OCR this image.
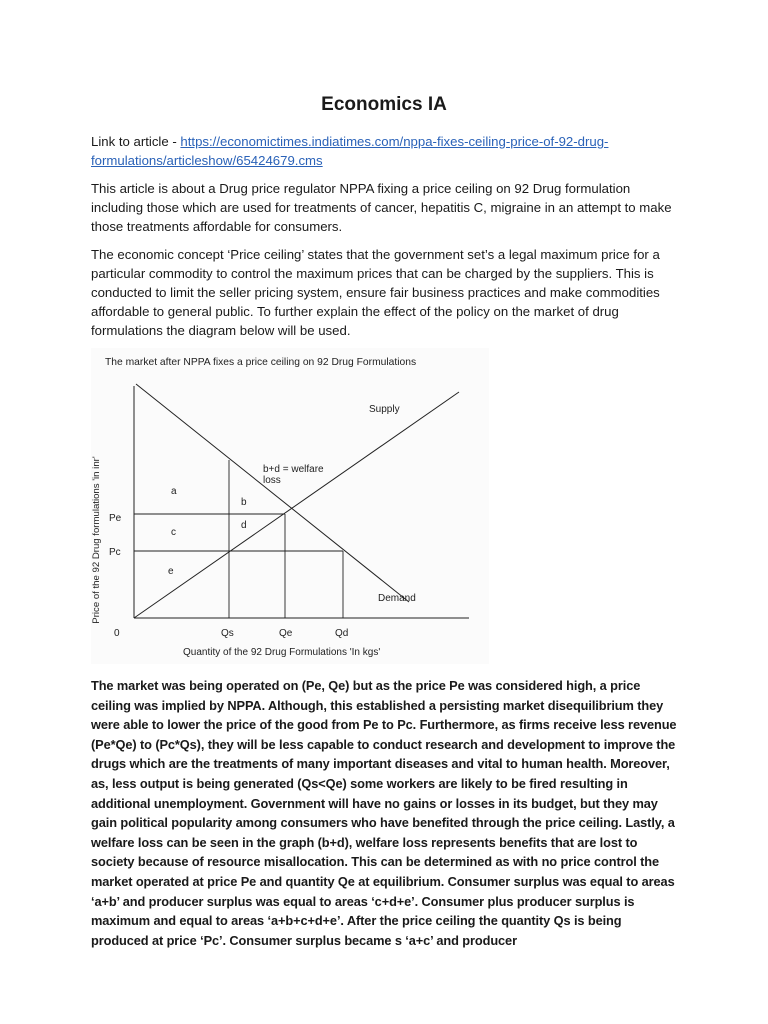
Economics IA

Link to article - https://economictimes.indiatimes.com/nppa-fixes-ceiling-price-of-92-drug-
formulations/articleshow/65424679.cms

This article is about a Drug price regulator NPPA fixing a price ceiling on 92 Drug formulation including those which are used for treatments of cancer, hepatitis C, migraine in an attempt to make those treatments affordable for consumers.

The economic concept ‘Price ceiling’ states that the government set’s a legal maximum price for a particular commodity to control the maximum prices that can be charged by the suppliers. This is conducted to limit the seller pricing system, ensure fair business practices and make commodities affordable to general public. To further explain the effect of the policy on the market of drug formulations the diagram below will be used.

The market after NPPA fixes a price ceiling on 92 Drug Formulations
Price of the 92 Drug formulations 'in inr'
Supply
Demand
b+d = welfare
loss
Pe
Pc
0	Qs	Qe	Qd
Quantity of the 92 Drug Formulations 'In kgs'
a
b
c
d
e

The market was being operated on (Pe, Qe) but as the price Pe was considered high, a price ceiling was implied by NPPA. Although, this established a persisting market disequilibrium they were able to lower the price of the good from Pe to Pc. Furthermore, as firms receive less revenue (Pe*Qe) to (Pc*Qs), they will be less capable to conduct research and development to improve the drugs which are the treatments of many important diseases and vital to human health. Moreover, as, less output is being generated (Qs<Qe) some workers are likely to be fired resulting in additional unemployment. Government will have no gains or losses in its budget, but they may gain political popularity among consumers who have benefited through the price ceiling. Lastly, a welfare loss can be seen in the graph (b+d), welfare loss represents benefits that are lost to society because of resource misallocation. This can be determined as with no price control the market operated at price Pe and quantity Qe at equilibrium. Consumer surplus was equal to areas ‘a+b’ and producer surplus was equal to areas ‘c+d+e’. Consumer plus producer surplus is maximum and equal to areas ‘a+b+c+d+e’. After the price ceiling the quantity Qs is being produced at price ‘Pc’. Consumer surplus became s ‘a+c’ and producer
